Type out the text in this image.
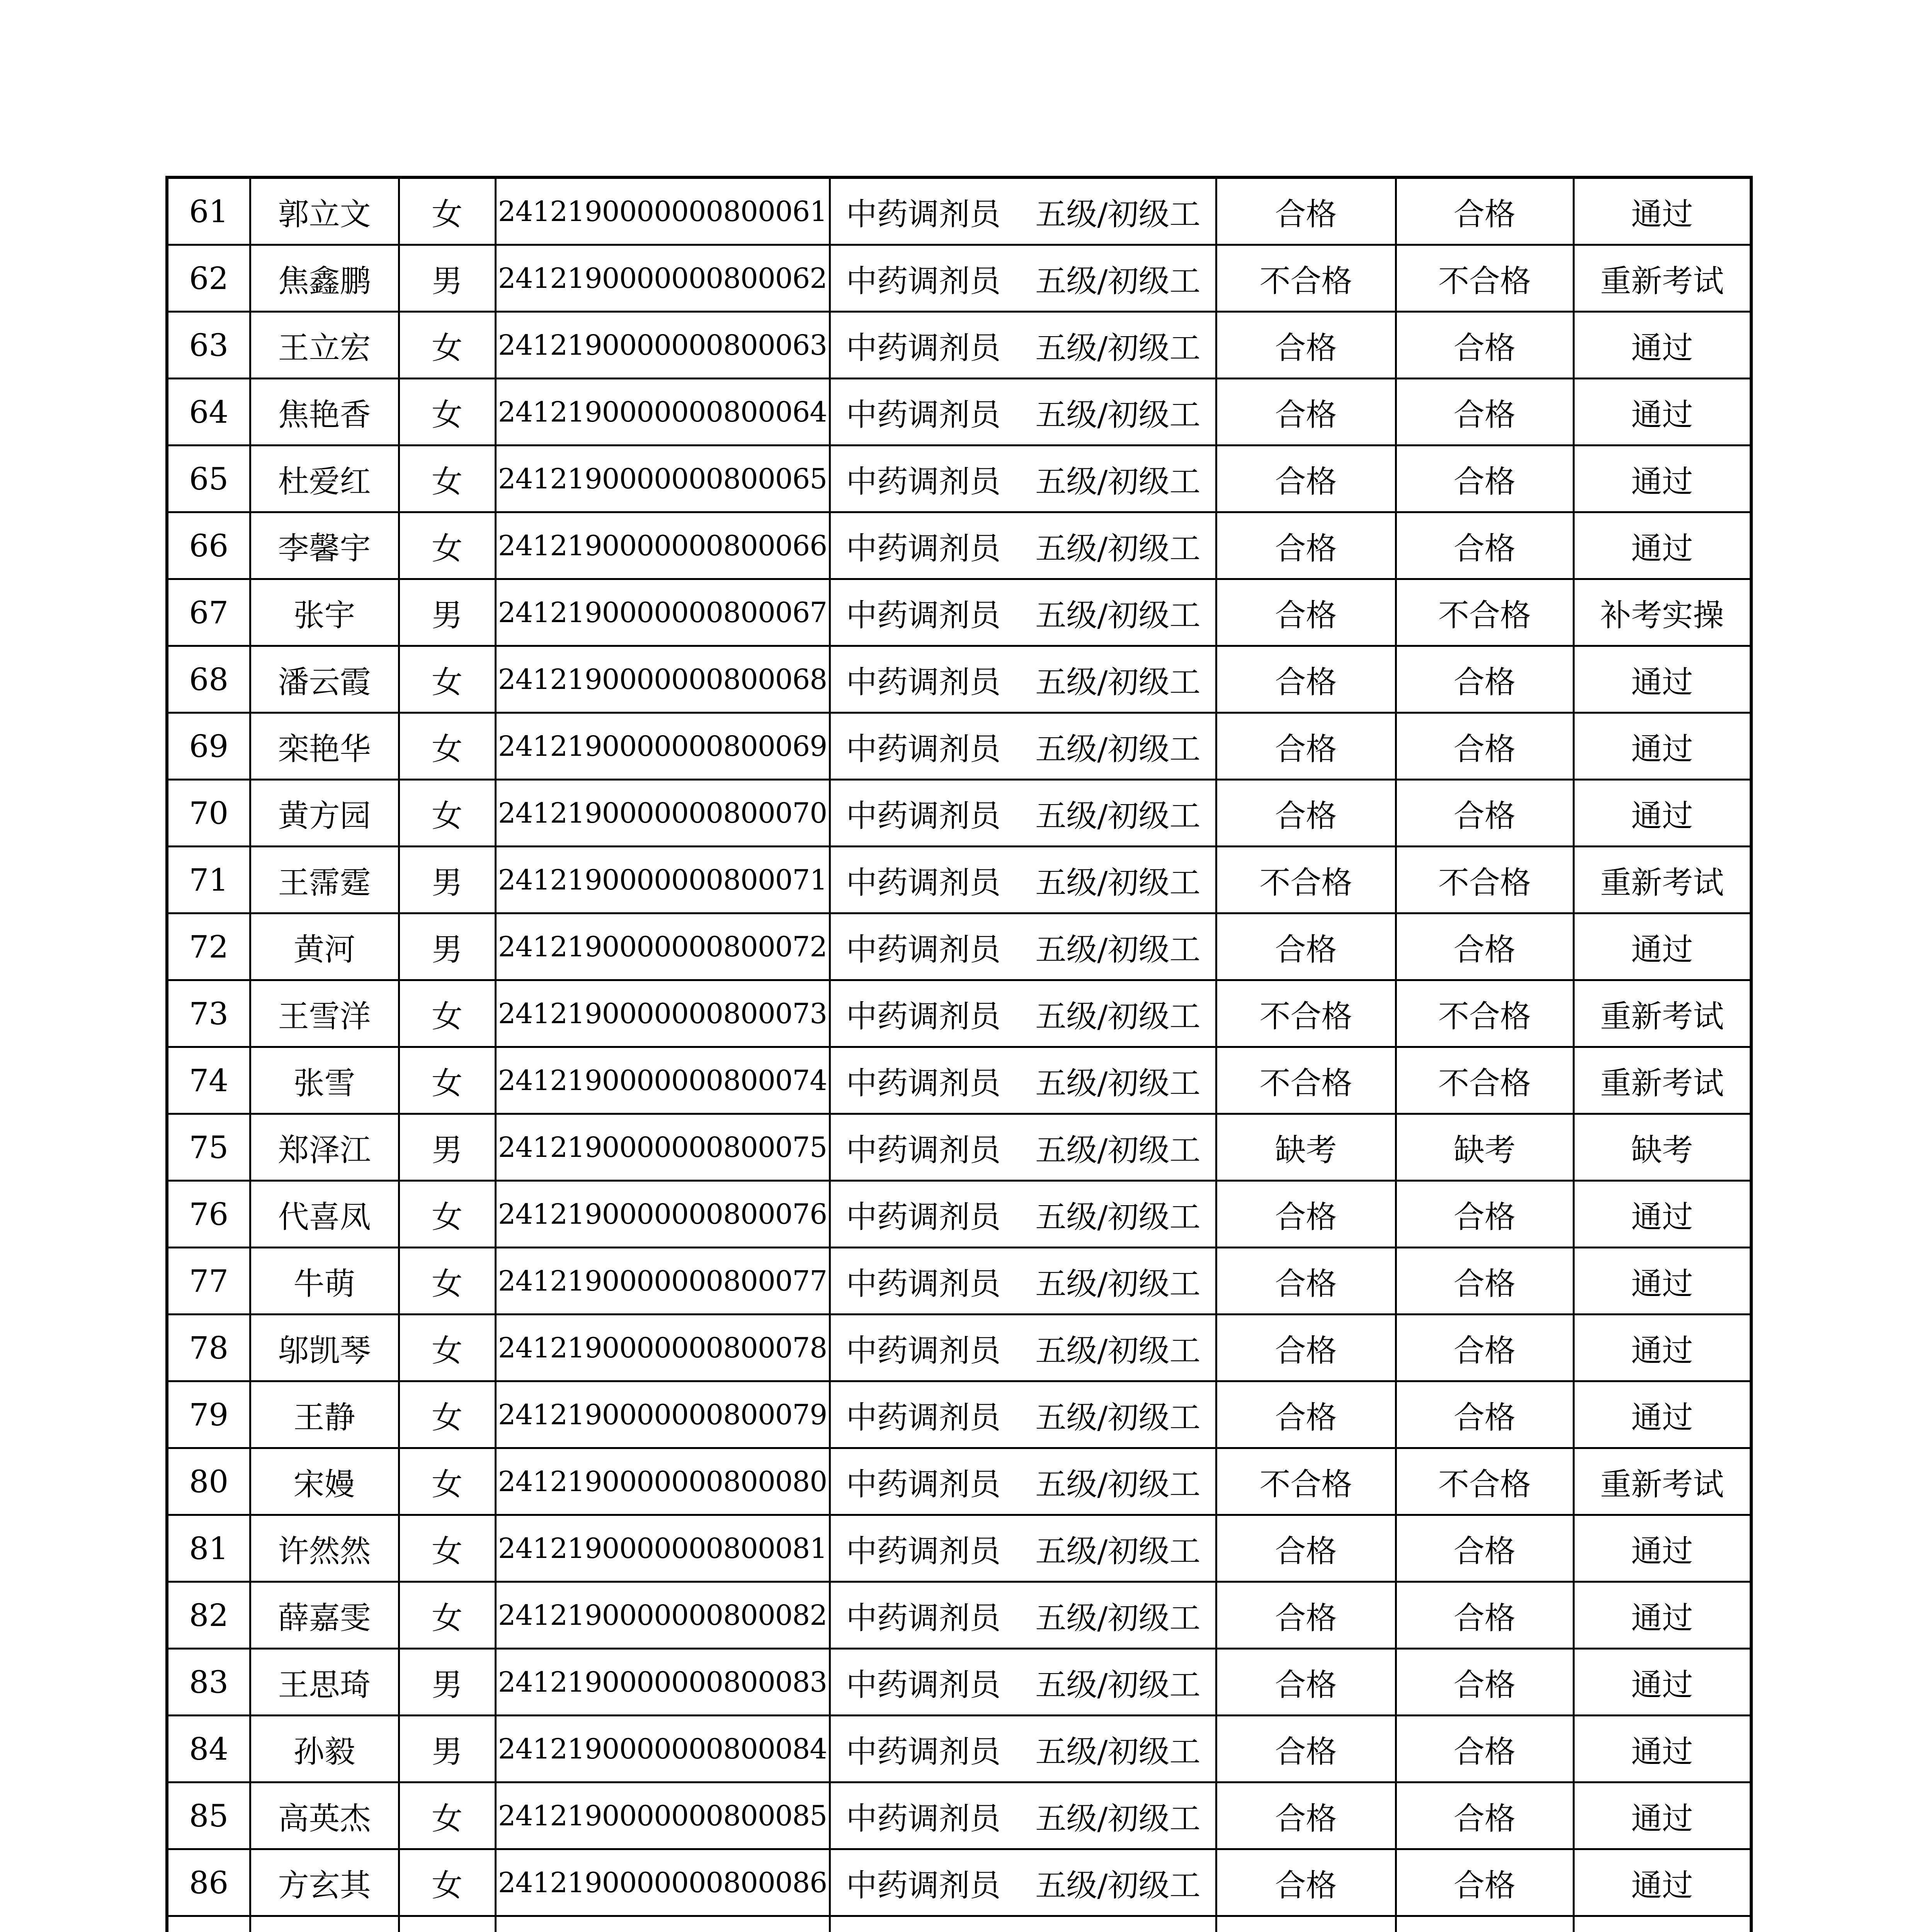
61	郭立文	女	2412190000000800061	中药调剂员 五级/初级工	合格	合格	通过
62	焦鑫鹏	男	2412190000000800062	中药调剂员 五级/初级工	不合格	不合格	重新考试
63	王立宏	女	2412190000000800063	中药调剂员 五级/初级工	合格	合格	通过
64	焦艳香	女	2412190000000800064	中药调剂员 五级/初级工	合格	合格	通过
65	杜爱红	女	2412190000000800065	中药调剂员 五级/初级工	合格	合格	通过
66	李馨宇	女	2412190000000800066	中药调剂员 五级/初级工	合格	合格	通过
67	张宇	男	2412190000000800067	中药调剂员 五级/初级工	合格	不合格	补考实操
68	潘云霞	女	2412190000000800068	中药调剂员 五级/初级工	合格	合格	通过
69	栾艳华	女	2412190000000800069	中药调剂员 五级/初级工	合格	合格	通过
70	黄方园	女	2412190000000800070	中药调剂员 五级/初级工	合格	合格	通过
71	王霈霆	男	2412190000000800071	中药调剂员 五级/初级工	不合格	不合格	重新考试
72	黄河	男	2412190000000800072	中药调剂员 五级/初级工	合格	合格	通过
73	王雪洋	女	2412190000000800073	中药调剂员 五级/初级工	不合格	不合格	重新考试
74	张雪	女	2412190000000800074	中药调剂员 五级/初级工	不合格	不合格	重新考试
75	郑泽江	男	2412190000000800075	中药调剂员 五级/初级工	缺考	缺考	缺考
76	代喜凤	女	2412190000000800076	中药调剂员 五级/初级工	合格	合格	通过
77	牛萌	女	2412190000000800077	中药调剂员 五级/初级工	合格	合格	通过
78	邬凯琴	女	2412190000000800078	中药调剂员 五级/初级工	合格	合格	通过
79	王静	女	2412190000000800079	中药调剂员 五级/初级工	合格	合格	通过
80	宋嫚	女	2412190000000800080	中药调剂员 五级/初级工	不合格	不合格	重新考试
81	许然然	女	2412190000000800081	中药调剂员 五级/初级工	合格	合格	通过
82	薛嘉雯	女	2412190000000800082	中药调剂员 五级/初级工	合格	合格	通过
83	王思琦	男	2412190000000800083	中药调剂员 五级/初级工	合格	合格	通过
84	孙毅	男	2412190000000800084	中药调剂员 五级/初级工	合格	合格	通过
85	高英杰	女	2412190000000800085	中药调剂员 五级/初级工	合格	合格	通过
86	方玄其	女	2412190000000800086	中药调剂员 五级/初级工	合格	合格	通过
